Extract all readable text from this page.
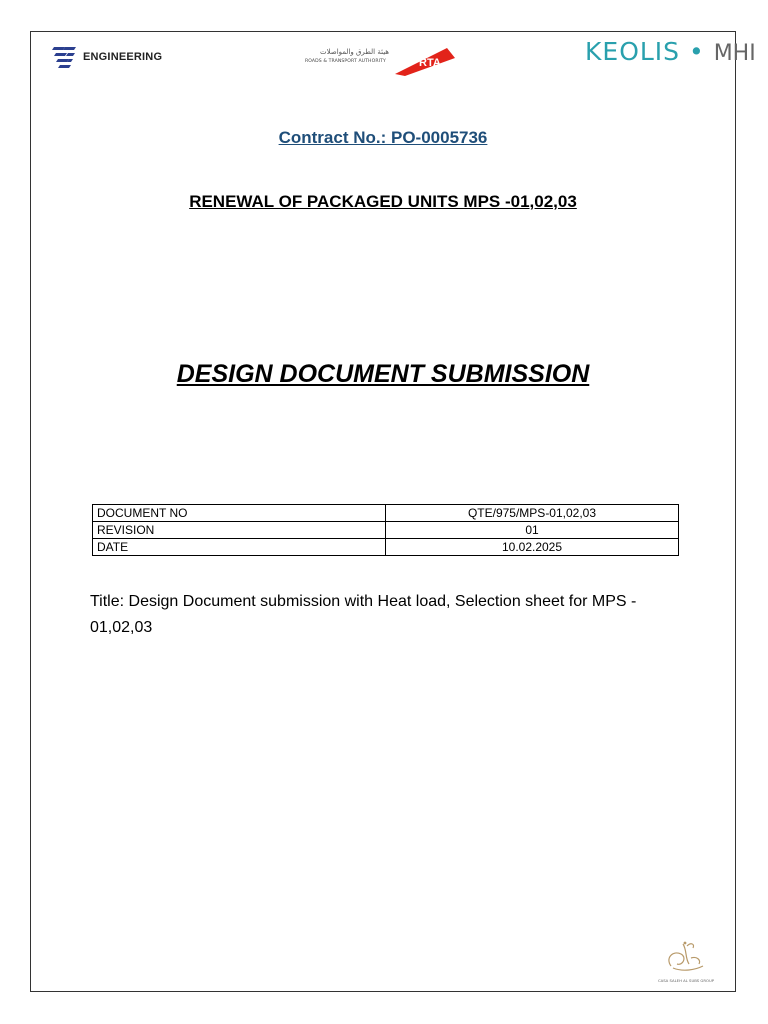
ENGINEERING	هيئة الطرق والمواصلات
ROADS & TRANSPORT AUTHORITY	RTA	KEOLIS • MHI
Contract No.: PO-0005736
RENEWAL OF PACKAGED UNITS MPS -01,02,03
DESIGN DOCUMENT SUBMISSION
DOCUMENT NO	QTE/975/MPS-01,02,03
REVISION	01
DATE	10.02.2025
Title: Design Document submission with Heat load, Selection sheet for MPS - 01,02,03
CASA SALEH AL SUBS GROUP
